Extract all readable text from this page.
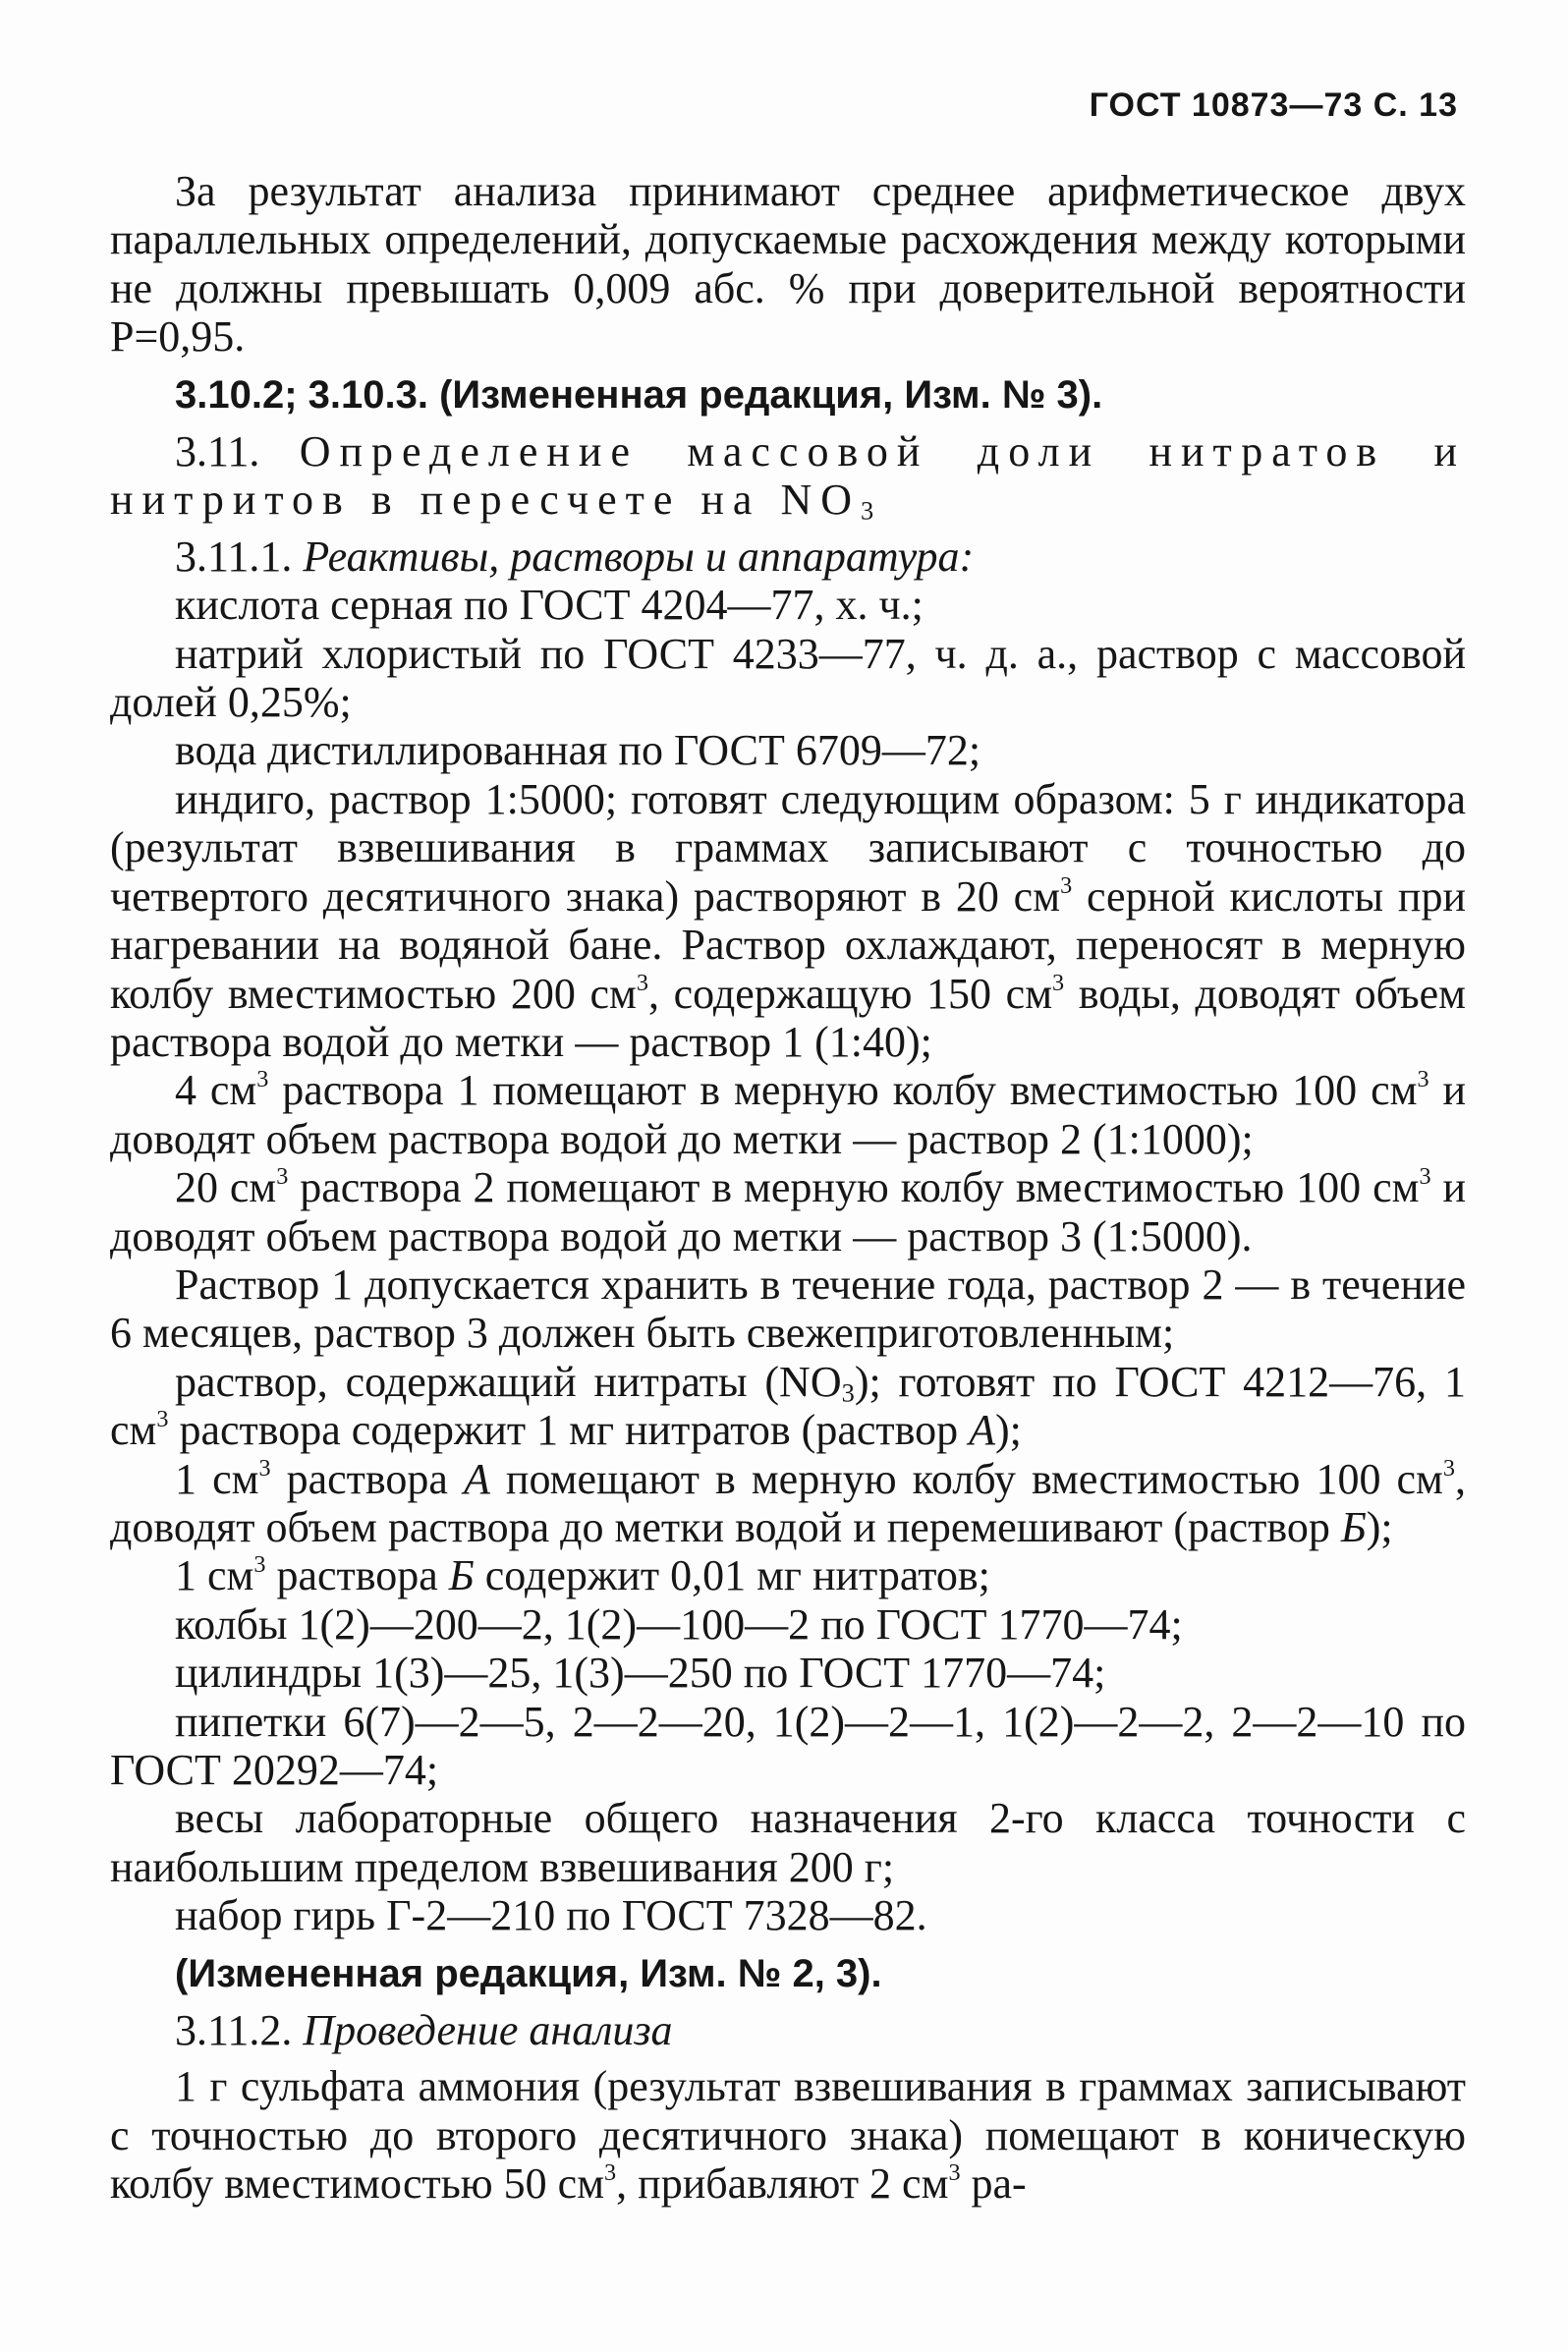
ГОСТ 10873—73 С. 13

За результат анализа принимают среднее арифметическое двух параллельных определений, допускаемые расхождения между которыми не должны превышать 0,009 абс. % при доверительной вероятности P=0,95.

3.10.2; 3.10.3. (Измененная редакция, Изм. № 3).

3.11. Определение массовой доли нитратов и нитритов в пересчете на $NO_3$

3.11.1. Реактивы, растворы и аппаратура:

кислота серная по ГОСТ 4204—77, х. ч.;

натрий хлористый по ГОСТ 4233—77, ч. д. а., раствор с массовой долей 0,25%;

вода дистиллированная по ГОСТ 6709—72;

индиго, раствор 1:5000; готовят следующим образом: 5 г индикатора (результат взвешивания в граммах записывают с точностью до четвертого десятичного знака) растворяют в 20 $см^3$ серной кислоты при нагревании на водяной бане. Раствор охлаждают, переносят в мерную колбу вместимостью 200 $см^3$, содержащую 150 $см^3$ воды, доводят объем раствора водой до метки — раствор 1 (1:40);

4 $см^3$ раствора 1 помещают в мерную колбу вместимостью 100 $см^3$ и доводят объем раствора водой до метки — раствор 2 (1:1000);

20 $см^3$ раствора 2 помещают в мерную колбу вместимостью 100 $см^3$ и доводят объем раствора водой до метки — раствор 3 (1:5000).

Раствор 1 допускается хранить в течение года, раствор 2 — в течение 6 месяцев, раствор 3 должен быть свежеприготовленным;

раствор, содержащий нитраты $(NO_3)$; готовят по ГОСТ 4212—76, 1 $см^3$ раствора содержит 1 мг нитратов (раствор A);

1 $см^3$ раствора A помещают в мерную колбу вместимостью 100 $см^3$, доводят объем раствора до метки водой и перемешивают (раствор Б);

1 $см^3$ раствора Б содержит 0,01 мг нитратов;

колбы 1(2)—200—2, 1(2)—100—2 по ГОСТ 1770—74;

цилиндры 1(3)—25, 1(3)—250 по ГОСТ 1770—74;

пипетки 6(7)—2—5, 2—2—20, 1(2)—2—1, 1(2)—2—2, 2—2—10 по ГОСТ 20292—74;

весы лабораторные общего назначения 2-го класса точности с наибольшим пределом взвешивания 200 г;

набор гирь Г-2—210 по ГОСТ 7328—82.

(Измененная редакция, Изм. № 2, 3).

3.11.2. Проведение анализа

1 г сульфата аммония (результат взвешивания в граммах записывают с точностью до второго десятичного знака) помещают в коническую колбу вместимостью 50 $см^3$, прибавляют 2 $см^3$ ра-
